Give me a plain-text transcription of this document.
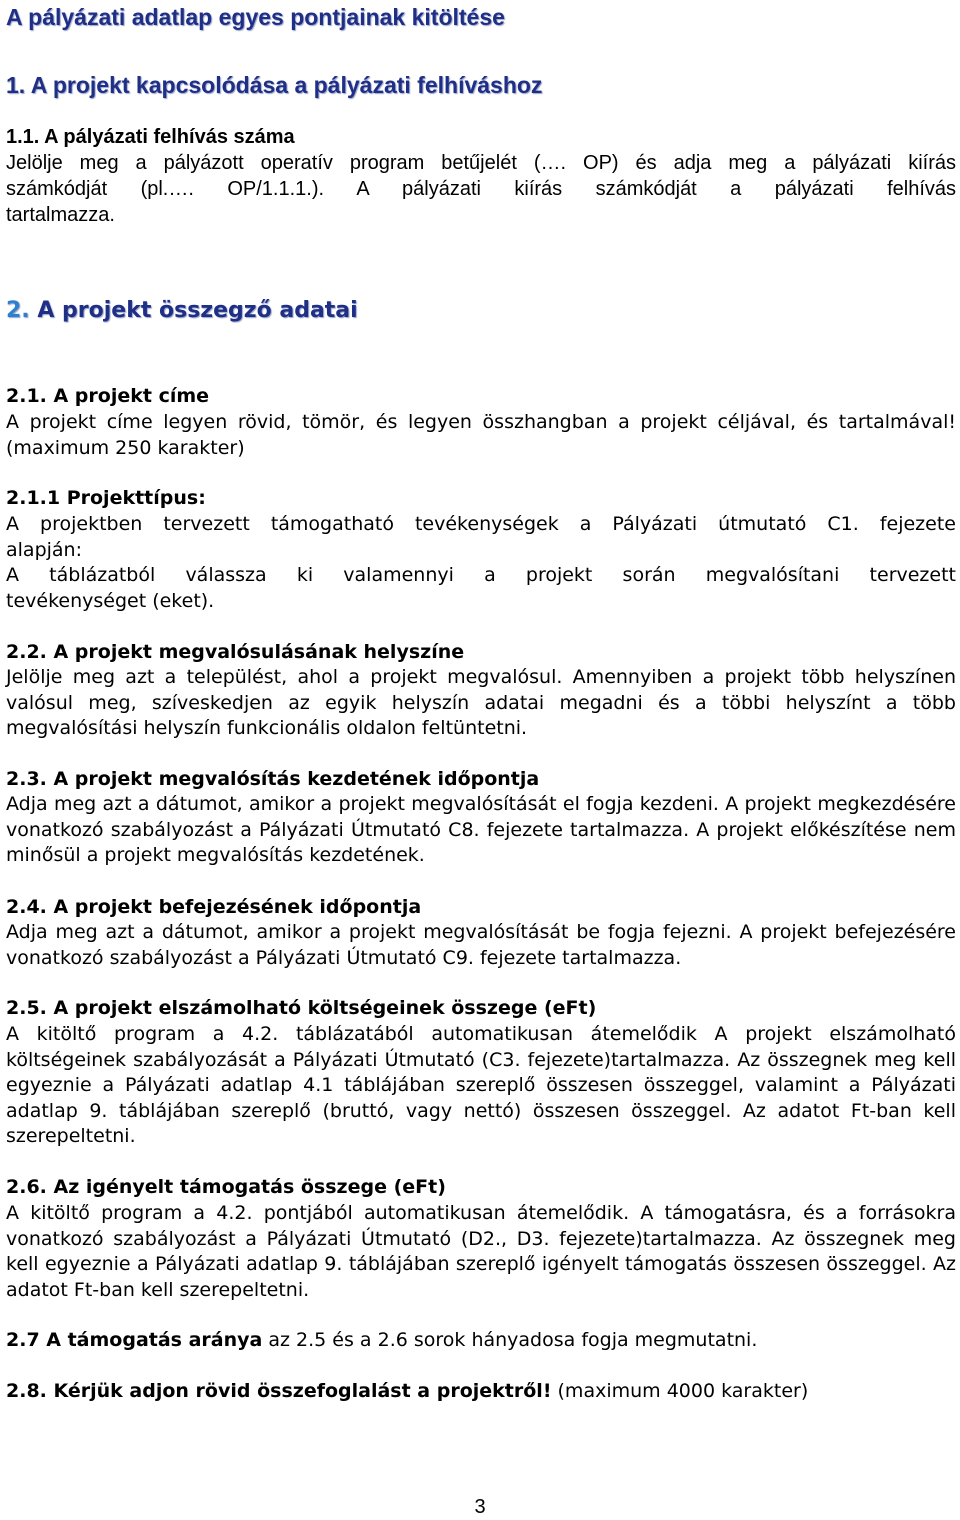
A pályázati adatlap egyes pontjainak kitöltése
1. A projekt kapcsolódása a pályázati felhíváshoz
1.1. A pályázati felhívás száma
Jelölje meg a pályázott operatív program betűjelét (…. OP) és adja meg a pályázati kiírás
számkódját (pl.…. OP/1.1.1.). A pályázati kiírás számkódját a pályázati felhívás
tartalmazza.
2. A projekt összegző adatai
2.1. A projekt címe
A projekt címe legyen rövid, tömör, és legyen összhangban a projekt céljával, és tartalmával! (maximum 250 karakter)
2.1.1 Projekttípus:
A projektben tervezett támogatható tevékenységek a Pályázati útmutató C1. fejezete
alapján:
A táblázatból válassza ki valamennyi a projekt során megvalósítani tervezett
tevékenységet (eket).
2.2. A projekt megvalósulásának helyszíne
Jelölje meg azt a települést, ahol a projekt megvalósul. Amennyiben a projekt több helyszínen valósul meg, szíveskedjen az egyik helyszín adatai megadni és a többi helyszínt a több megvalósítási helyszín funkcionális oldalon feltüntetni.
2.3. A projekt megvalósítás kezdetének időpontja
Adja meg azt a dátumot, amikor a projekt megvalósítását el fogja kezdeni. A projekt megkezdésére vonatkozó szabályozást a Pályázati Útmutató C8. fejezete tartalmazza. A projekt előkészítése nem minősül a projekt megvalósítás kezdetének.
2.4. A projekt befejezésének időpontja
Adja meg azt a dátumot, amikor a projekt megvalósítását be fogja fejezni. A projekt befejezésére vonatkozó szabályozást a Pályázati Útmutató C9. fejezete tartalmazza.
2.5. A projekt elszámolható költségeinek összege (eFt)
A kitöltő program a 4.2. táblázatából automatikusan átemelődik A projekt elszámolható költségeinek szabályozását a Pályázati Útmutató (C3. fejezete)tartalmazza. Az összegnek meg kell egyeznie a Pályázati adatlap 4.1 táblájában szereplő összesen összeggel, valamint a Pályázati adatlap 9. táblájában szereplő (bruttó, vagy nettó) összesen összeggel. Az adatot Ft-ban kell szerepeltetni.
2.6. Az igényelt támogatás összege (eFt)
A kitöltő program a 4.2. pontjából automatikusan átemelődik. A támogatásra, és a forrásokra vonatkozó szabályozást a Pályázati Útmutató (D2., D3. fejezete)tartalmazza. Az összegnek meg kell egyeznie a Pályázati adatlap 9. táblájában szereplő igényelt támogatás összesen összeggel. Az adatot Ft-ban kell szerepeltetni.
2.7 A támogatás aránya az 2.5 és a 2.6 sorok hányadosa fogja megmutatni.
2.8. Kérjük adjon rövid összefoglalást a projektről! (maximum 4000 karakter)
3
